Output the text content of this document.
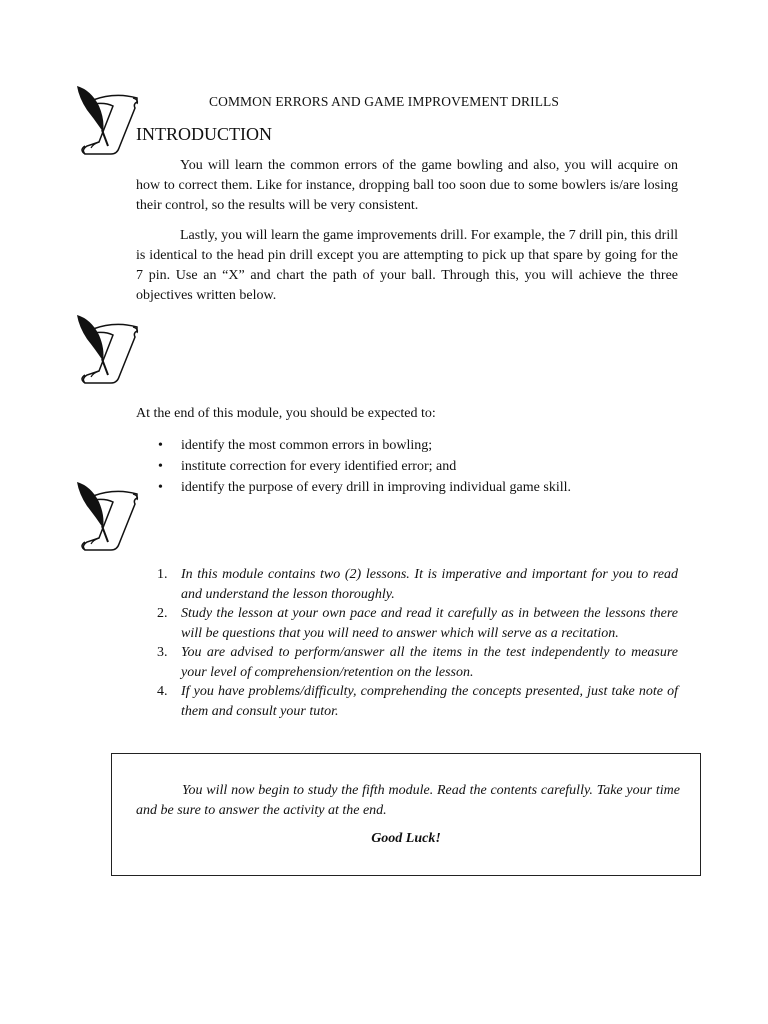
COMMON ERRORS AND GAME IMPROVEMENT DRILLS
INTRODUCTION

You will learn the common errors of the game bowling and also, you will acquire on how to correct them. Like for instance, dropping ball too soon due to some bowlers is/are losing their control, so the results will be very consistent.

Lastly, you will learn the game improvements drill. For example, the 7 drill pin, this drill is identical to the head pin drill except you are attempting to pick up that spare by going for the 7 pin. Use an “X” and chart the path of your ball. Through this, you will achieve the three objectives written below.

At the end of this module, you should be expected to:

• identify the most common errors in bowling;
• institute correction for every identified error; and
• identify the purpose of every drill in improving individual game skill.
1. In this module contains two (2) lessons. It is imperative and important for you to read and understand the lesson thoroughly.
2. Study the lesson at your own pace and read it carefully as in between the lessons there will be questions that you will need to answer which will serve as a recitation.
3. You are advised to perform/answer all the items in the test independently to measure your level of comprehension/retention on the lesson.
4. If you have problems/difficulty, comprehending the concepts presented, just take note of them and consult your tutor.

You will now begin to study the fifth module. Read the contents carefully. Take your time and be sure to answer the activity at the end.

Good Luck!
